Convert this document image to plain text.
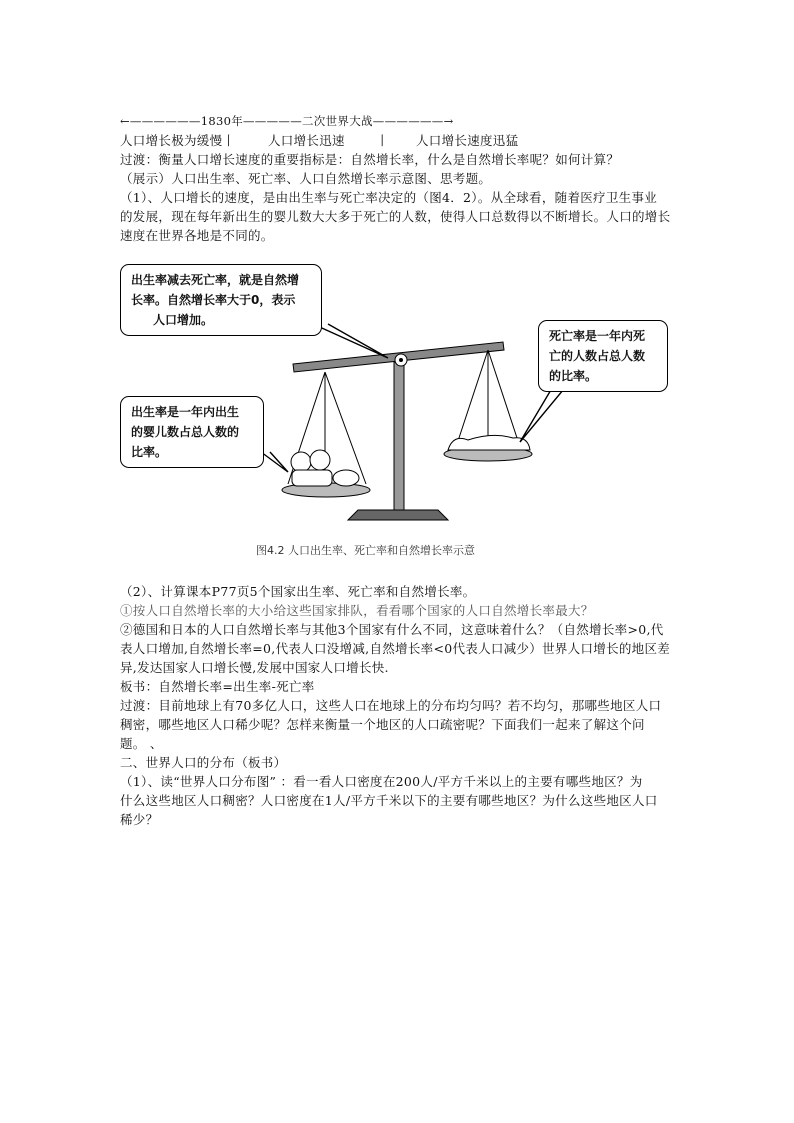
←——————1830年—————二次世界大战——————→
人口增长极为缓慢丨	人口增长迅速 丨 人口增长速度迅猛
过渡：衡量人口增长速度的重要指标是：自然增长率，什么是自然增长率呢？如何计算？
（展示）人口出生率、死亡率、人口自然增长率示意图、思考题。
（1）、人口增长的速度，是由出生率与死亡率决定的（图4．2）。从全球看，随着医疗卫生事业
的发展，现在每年新出生的婴儿数大大多于死亡的人数，使得人口总数得以不断增长。人口的增长
速度在世界各地是不同的。
出生率减去死亡率，就是自然增
长率。自然增长率大于0，表示
人口增加。
出生率是一年内出生
的婴儿数占总人数的
比率。
死亡率是一年内死
亡的人数占总人数
的比率。
图4.2 人口出生率、死亡率和自然增长率示意
（2）、计算课本P77页5个国家出生率、死亡率和自然增长率。
①按人口自然增长率的大小给这些国家排队，看看哪个国家的人口自然增长率最大？
②德国和日本的人口自然增长率与其他3个国家有什么不同，这意味着什么？（自然增长率>0,代
表人口增加,自然增长率=0,代表人口没增减,自然增长率<0代表人口减少）世界人口增长的地区差
异,发达国家人口增长慢,发展中国家人口增长快.
板书：自然增长率=出生率-死亡率
过渡：目前地球上有70多亿人口，这些人口在地球上的分布均匀吗？若不均匀，那哪些地区人口
稠密，哪些地区人口稀少呢？怎样来衡量一个地区的人口疏密呢？下面我们一起来了解这个问
题。 、
二、世界人口的分布（板书）
（1）、读“世界人口分布图” ：看一看人口密度在200人/平方千米以上的主要有哪些地区？为
什么这些地区人口稠密？人口密度在1人/平方千米以下的主要有哪些地区？为什么这些地区人口
稀少？
